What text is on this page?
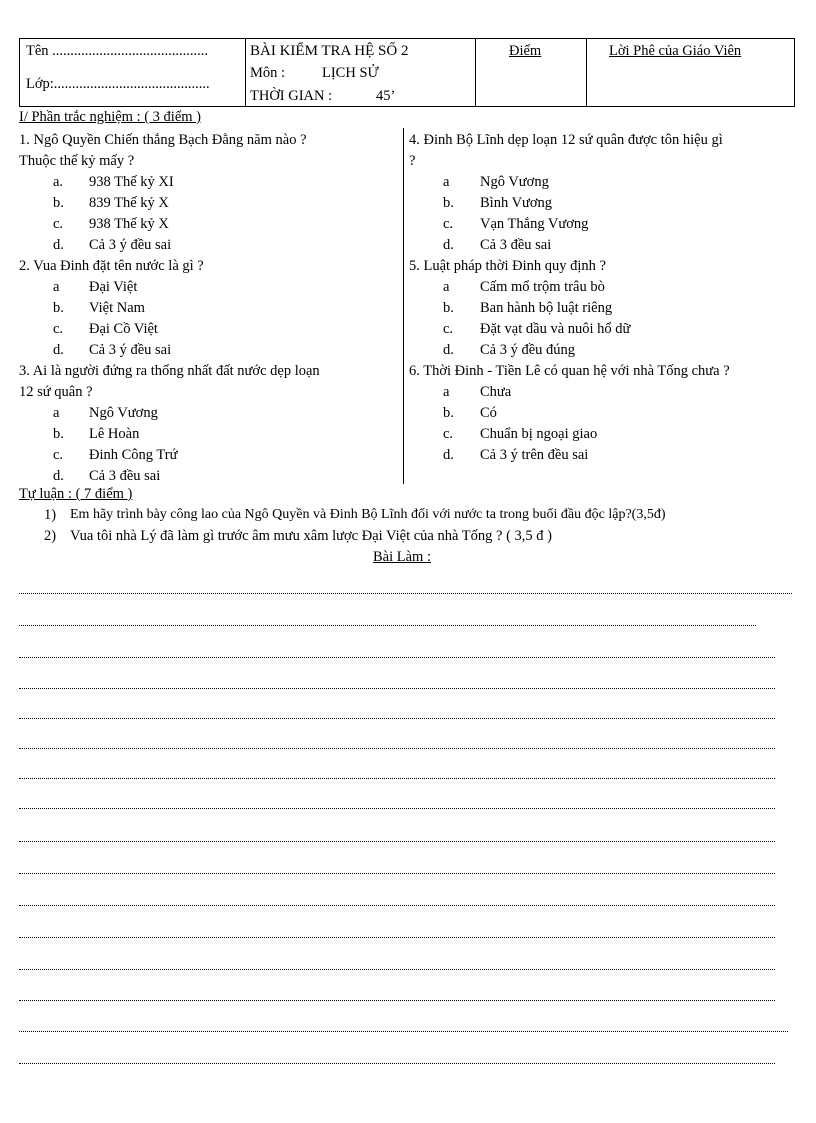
Tên ...........................................
Lớp:...........................................
BÀI KIỂM TRA HỆ SỐ 2
Môn :	LỊCH SỬ
THỜI GIAN :	45’
Điểm	Lời Phê của Giáo Viên
I/ Phần trắc nghiệm : ( 3 điểm )
1. Ngô Quyền Chiến thắng Bạch Đằng năm nào ?
Thuộc thế kỷ mấy ?
a. 938 Thế kỷ XI
b. 839 Thế kỷ X
c. 938 Thế kỷ X
d. Cả 3 ý đều sai
2. Vua Đinh đặt tên nước là gì ?
a Đại Việt
b. Việt Nam
c. Đại Cồ Việt
d. Cả 3 ý đều sai
3. Ai là người đứng ra thống nhất đất nước dẹp loạn
12 sứ quân ?
a Ngô Vương
b. Lê Hoàn
c. Đinh Công Trứ
d. Cả 3 đều sai
4. Đinh Bộ Lĩnh dẹp loạn 12 sứ quân được tôn hiệu gì
?
a Ngô Vương
b. Bình Vương
c. Vạn Thắng Vương
d. Cả 3 đều sai
5. Luật pháp thời Đinh quy định ?
a Cấm mổ trộm trâu bò
b. Ban hành bộ luật riêng
c. Đặt vạt dầu và nuôi hổ dữ
d. Cả 3 ý đều đúng
6. Thời Đinh - Tiền Lê có quan hệ với nhà Tống chưa ?
a Chưa
b. Có
c. Chuẩn bị ngoại giao
d. Cả 3 ý trên đều sai
Tự luận : ( 7 điểm )
1) Em hãy trình bày công lao của Ngô Quyền và Đinh Bộ Lĩnh đối với nước ta trong buổi đầu độc lập?(3,5đ)
2) Vua tôi nhà Lý đã làm gì trước âm mưu xâm lược Đại Việt của nhà Tống ? ( 3,5 đ )
Bài Làm :
